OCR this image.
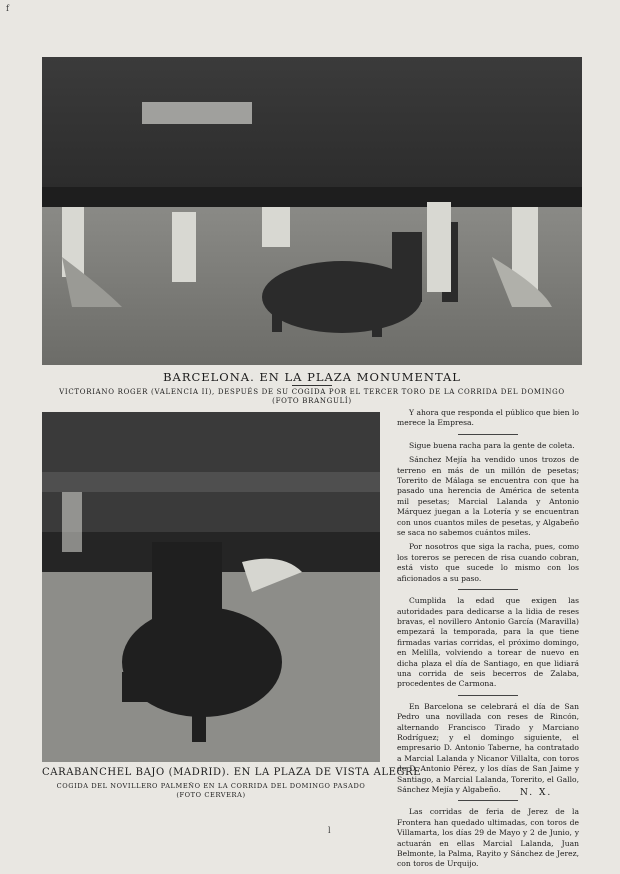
f
BARCELONA. EN LA PLAZA MONUMENTAL
VICTORIANO ROGER (VALENCIA II), DESPUÉS DE SU COGIDA POR EL TERCER TORO DE LA CORRIDA DEL DOMINGO
(FOTO BRANGULÍ)
CARABANCHEL BAJO (MADRID). EN LA PLAZA DE VISTA ALEGRE
COGIDA DEL NOVILLERO PALMEÑO EN LA CORRIDA DEL DOMINGO PASADO
(FOTO CERVERA)

Y ahora que responda el público que bien lo merece la Empresa.

Sigue buena racha para la gente de coleta.

Sánchez Mejía ha vendido unos trozos de terreno en más de un millón de pesetas; Torerito de Málaga se encuentra con que ha pasado una herencia de América de setenta mil pesetas; Marcial Lalanda y Antonio Márquez juegan a la Lotería y se encuentran con unos cuantos miles de pesetas, y Algabeño se saca no sabemos cuántos miles.

Por nosotros que siga la racha, pues, como los toreros se perecen de risa cuando cobran, está visto que sucede lo mismo con los aficionados a su paso.

Cumplida la edad que exigen las autoridades para dedicarse a la lidia de reses bravas, el novillero Antonio García (Maravilla) empezará la temporada, para la que tiene firmadas varias corridas, el próximo domingo, en Melilla, volviendo a torear de nuevo en dicha plaza el día de Santiago, en que lidiará una corrida de seis becerros de Zalaba, procedentes de Carmona.

En Barcelona se celebrará el día de San Pedro una novillada con reses de Rincón, alternando Francisco Tirado y Marciano Rodríguez; y el domingo siguiente, el empresario D. Antonio Taberne, ha contratado a Marcial Lalanda y Nicanor Villalta, con toros de D. Antonio Pérez, y los días de San Jaime y Santiago, a Marcial Lalanda, Torerito, el Gallo, Sánchez Mejía y Algabeño.

Las corridas de feria de Jerez de la Frontera han quedado ultimadas, con toros de Villamarta, los días 29 de Mayo y 2 de Junio, y actuarán en ellas Marcial Lalanda, Juan Belmonte, la Palma, Rayito y Sánchez de Jerez, con toros de Urquijo.

N. X.
l
